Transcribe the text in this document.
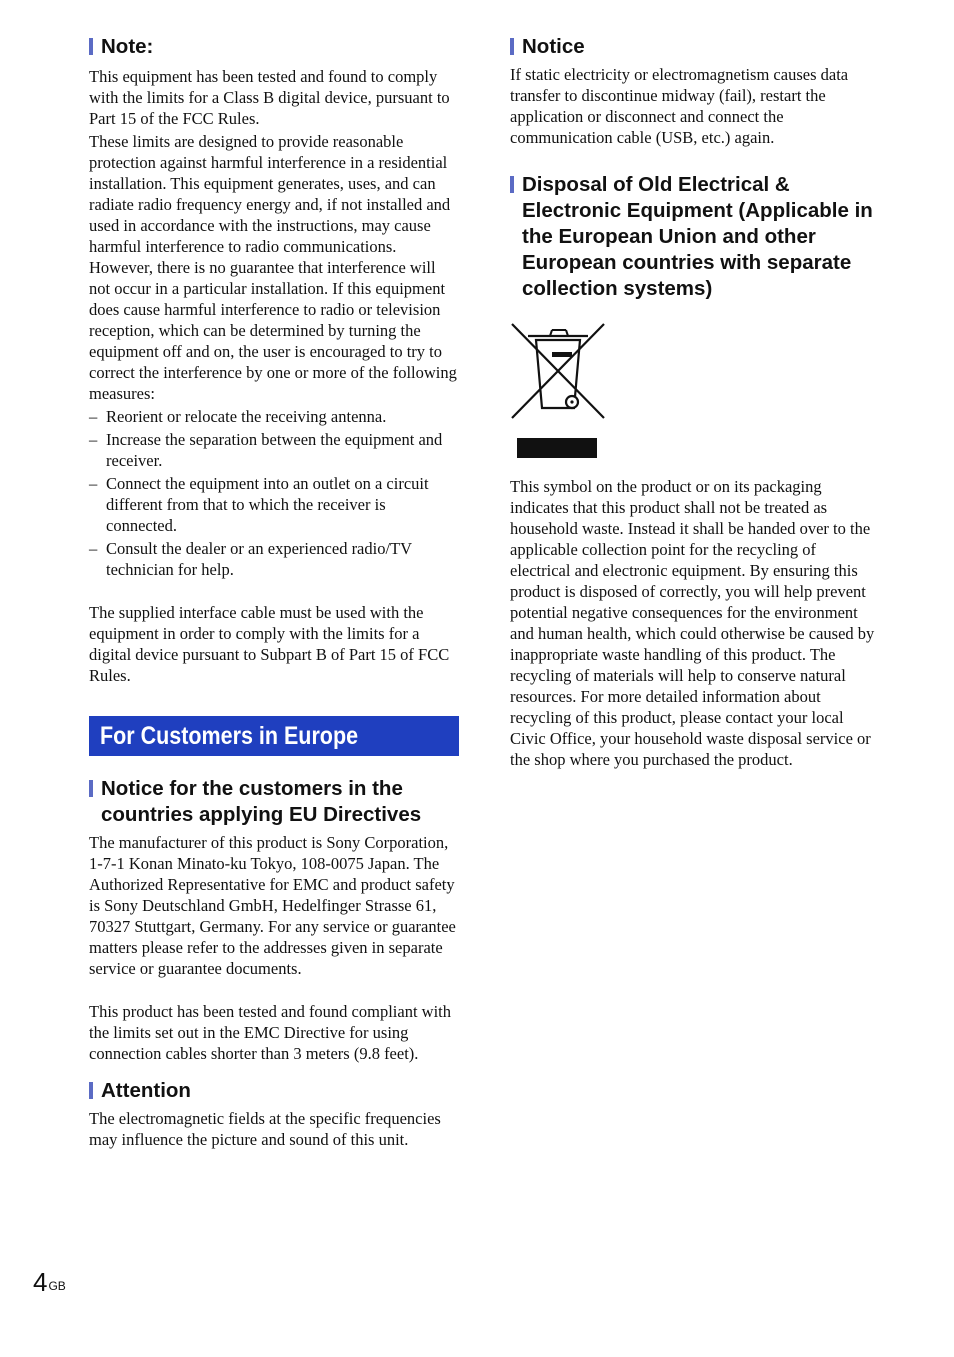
Note:

This equipment has been tested and found to comply with the limits for a Class B digital device, pursuant to Part 15 of the FCC Rules.

These limits are designed to provide reasonable protection against harmful interference in a residential installation. This equipment generates, uses, and can radiate radio frequency energy and, if not installed and used in accordance with the instructions, may cause harmful interference to radio communications. However, there is no guarantee that interference will not occur in a particular installation. If this equipment does cause harmful interference to radio or television reception, which can be determined by turning the equipment off and on, the user is encouraged to try to correct the interference by one or more of the following measures:

– Reorient or relocate the receiving antenna.
– Increase the separation between the equipment and receiver.
– Connect the equipment into an outlet on a circuit different from that to which the receiver is connected.
– Consult the dealer or an experienced radio/TV technician for help.

The supplied interface cable must be used with the equipment in order to comply with the limits for a digital device pursuant to Subpart B of Part 15 of FCC Rules.

For Customers in Europe
Notice for the customers in the countries applying EU Directives

The manufacturer of this product is Sony Corporation, 1-7-1 Konan Minato-ku Tokyo, 108-0075 Japan. The Authorized Representative for EMC and product safety is Sony Deutschland GmbH, Hedelfinger Strasse 61, 70327 Stuttgart, Germany. For any service or guarantee matters please refer to the addresses given in separate service or guarantee documents.

This product has been tested and found compliant with the limits set out in the EMC Directive for using connection cables shorter than 3 meters (9.8 feet).

Attention

The electromagnetic fields at the specific frequencies may influence the picture and sound of this unit.

Notice

If static electricity or electromagnetism causes data transfer to discontinue midway (fail), restart the application or disconnect and connect the communication cable (USB, etc.) again.

Disposal of Old Electrical & Electronic Equipment (Applicable in the European Union and other European countries with separate collection systems)

This symbol on the product or on its packaging indicates that this product shall not be treated as household waste. Instead it shall be handed over to the applicable collection point for the recycling of electrical and electronic equipment. By ensuring this product is disposed of correctly, you will help prevent potential negative consequences for the environment and human health, which could otherwise be caused by inappropriate waste handling of this product. The recycling of materials will help to conserve natural resources. For more detailed information about recycling of this product, please contact your local Civic Office, your household waste disposal service or the shop where you purchased the product.

$4^{GB}$
